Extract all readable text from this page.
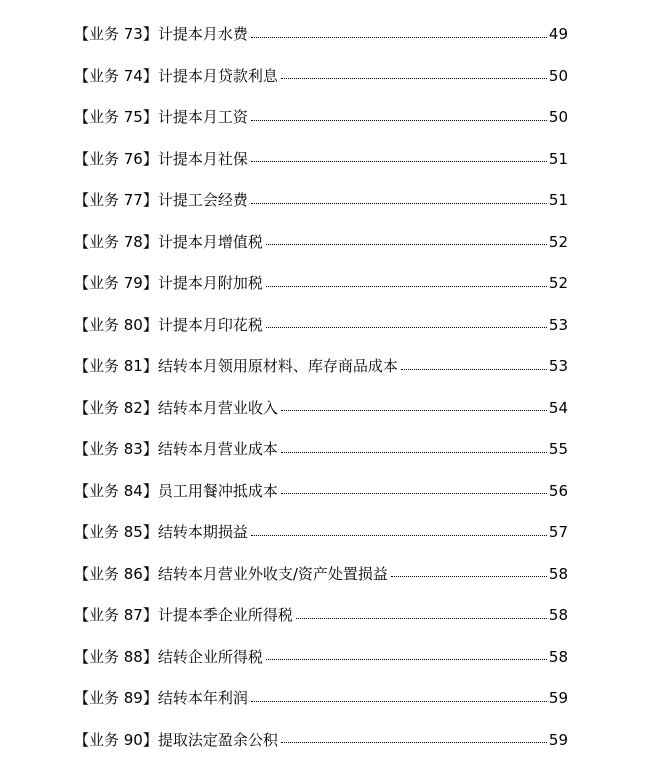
【业务 73】 计提本月水费	49
【业务 74】 计提本月贷款利息	50
【业务 75】 计提本月工资	50
【业务 76】 计提本月社保	51
【业务 77】 计提工会经费	51
【业务 78】 计提本月增值税	52
【业务 79】 计提本月附加税	52
【业务 80】 计提本月印花税	53
【业务 81】 结转本月领用原材料、库存商品成本	53
【业务 82】 结转本月营业收入	54
【业务 83】 结转本月营业成本	55
【业务 84】 员工用餐冲抵成本	56
【业务 85】 结转本期损益	57
【业务 86】 结转本月营业外收支/资产处置损益	58
【业务 87】 计提本季企业所得税	58
【业务 88】 结转企业所得税	58
【业务 89】 结转本年利润	59
【业务 90】 提取法定盈余公积	59
